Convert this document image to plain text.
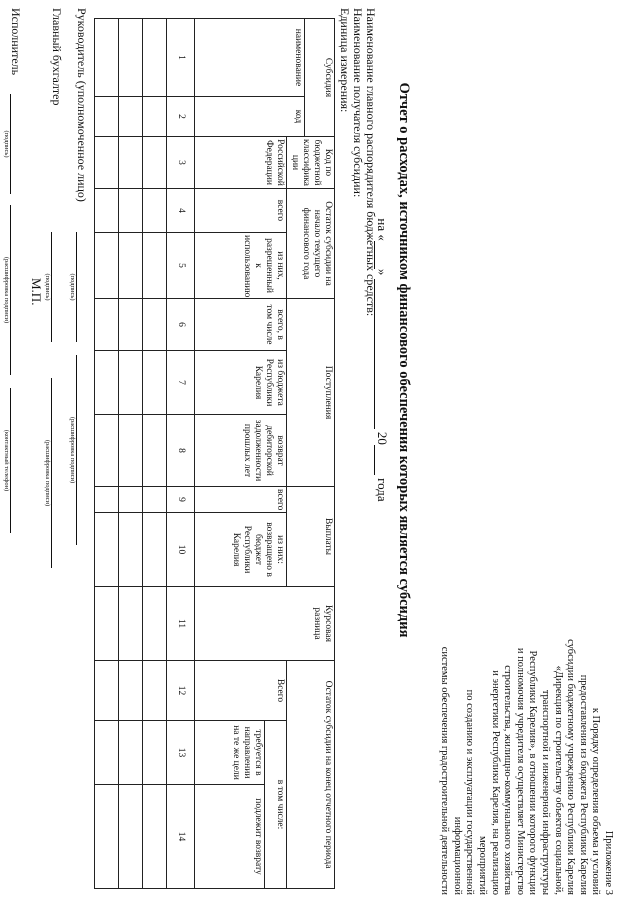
Приложение 3
к Порядку определения объема и условий
предоставления из бюджета Республики Карелия
субсидии бюджетному учреждению Республики Карелия
«Дирекция по строительству объектов социальной,
транспортной и инженерной инфраструктуры
Республики Карелия», в отношении которого функции
и полномочия учредителя осуществляет Министерство
строительства, жилищно-коммунального хозяйства
и энергетики Республики Карелия, на реализацию мероприятий
по созданию и эксплуатации государственной информационной
системы обеспечения градостроительной деятельности
Отчет о расходах, источником финансового обеспечения которых является субсидия
на «»  20 года
Наименование главного распорядителя бюджетных средств:
Наименование получателя субсидии:
Единица измерения:
Субсидия		Код по бюджетной классифика ции	Остаток субсидии на начало текущего финансового года		Поступления			Выплаты		Курсовая разница	Остаток субсидии на конец отчетного периода		
наименование	код												
		Российской Федерации	всего	из них, разрешенный к использованию	всего, в том числе	из бюджета Республики Карелия	возврат дебиторской задолженности прошлых лет	всего	из них: возвращено в бюджет Республики Карелия		Всего	в том числе:	
												требуется в направлении на те же цели	подлежит возврату
1	2	3	4	5	6	7	8	9	10	11	12	13	14

Руководитель (уполномоченное лицо)
(подпись)
(расшифровка подписи)
Главный бухгалтер
(подпись)
(расшифровка подписи)
М.П.
Исполнитель
(подпись)
(расшифровка подписи)
(контактный телефон)
